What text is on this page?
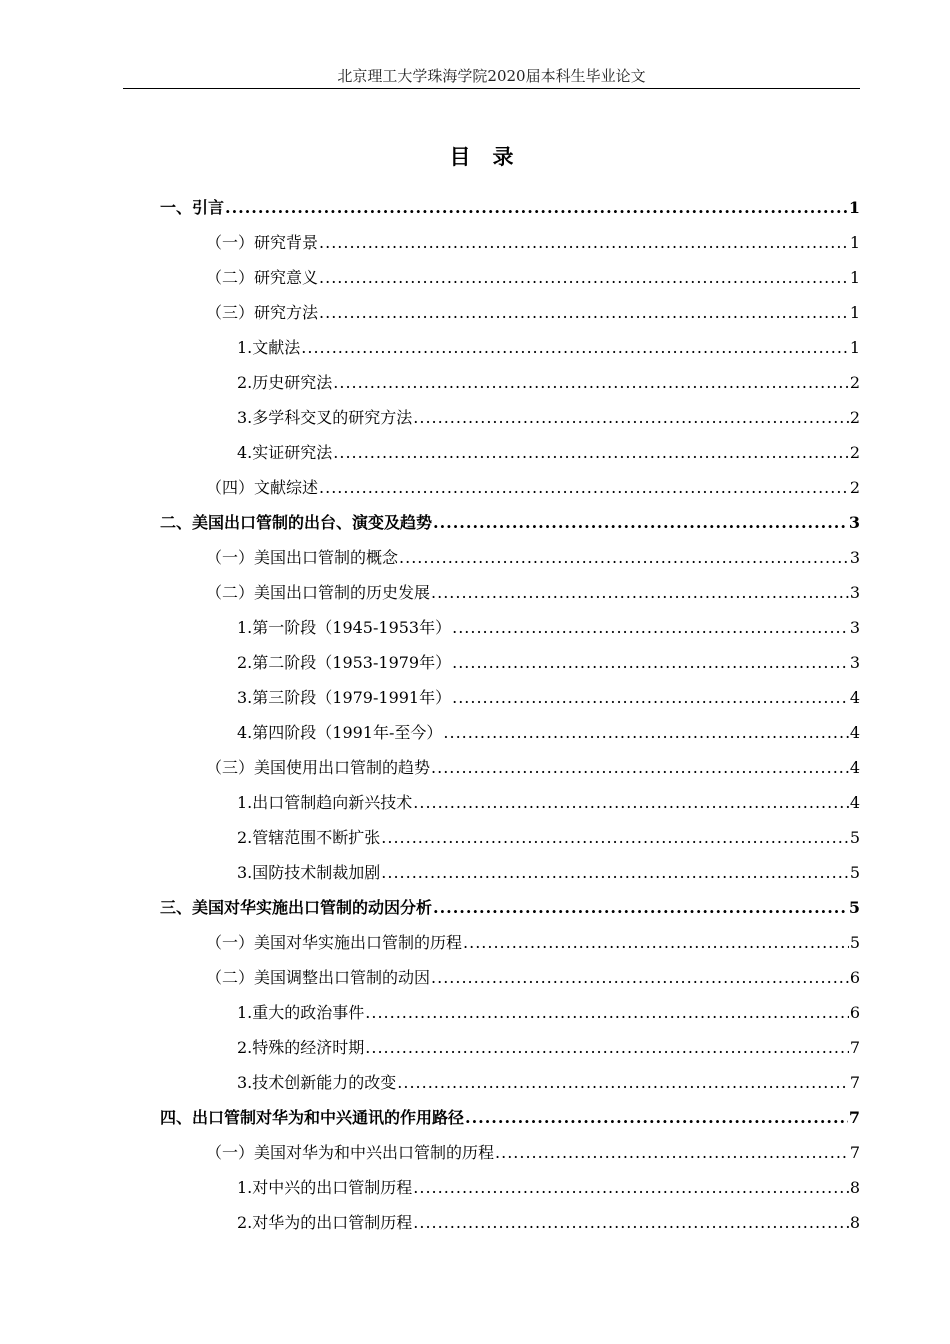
北京理工大学珠海学院2020届本科生毕业论文
目录
一、引言 .....	1
（一）研究背景 .....	1
（二）研究意义 .....	1
（三）研究方法 .....	1
1.文献法 .....	1
2.历史研究法 .....	2
3.多学科交叉的研究方法 .....	2
4.实证研究法 .....	2
（四）文献综述 .....	2
二、美国出口管制的出台、演变及趋势 .....	3
（一）美国出口管制的概念 .....	3
（二）美国出口管制的历史发展 .....	3
1.第一阶段（1945-1953年） .....	3
2.第二阶段（1953-1979年） .....	3
3.第三阶段（1979-1991年） .....	4
4.第四阶段（1991年-至今） .....	4
（三）美国使用出口管制的趋势 .....	4
1.出口管制趋向新兴技术 .....	4
2.管辖范围不断扩张 .....	5
3.国防技术制裁加剧 .....	5
三、美国对华实施出口管制的动因分析 .....	5
（一）美国对华实施出口管制的历程 .....	5
（二）美国调整出口管制的动因 .....	6
1.重大的政治事件 .....	6
2.特殊的经济时期 .....	7
3.技术创新能力的改变 .....	7
四、出口管制对华为和中兴通讯的作用路径 .....	7
（一）美国对华为和中兴出口管制的历程 .....	7
1.对中兴的出口管制历程 .....	8
2.对华为的出口管制历程 .....	8
